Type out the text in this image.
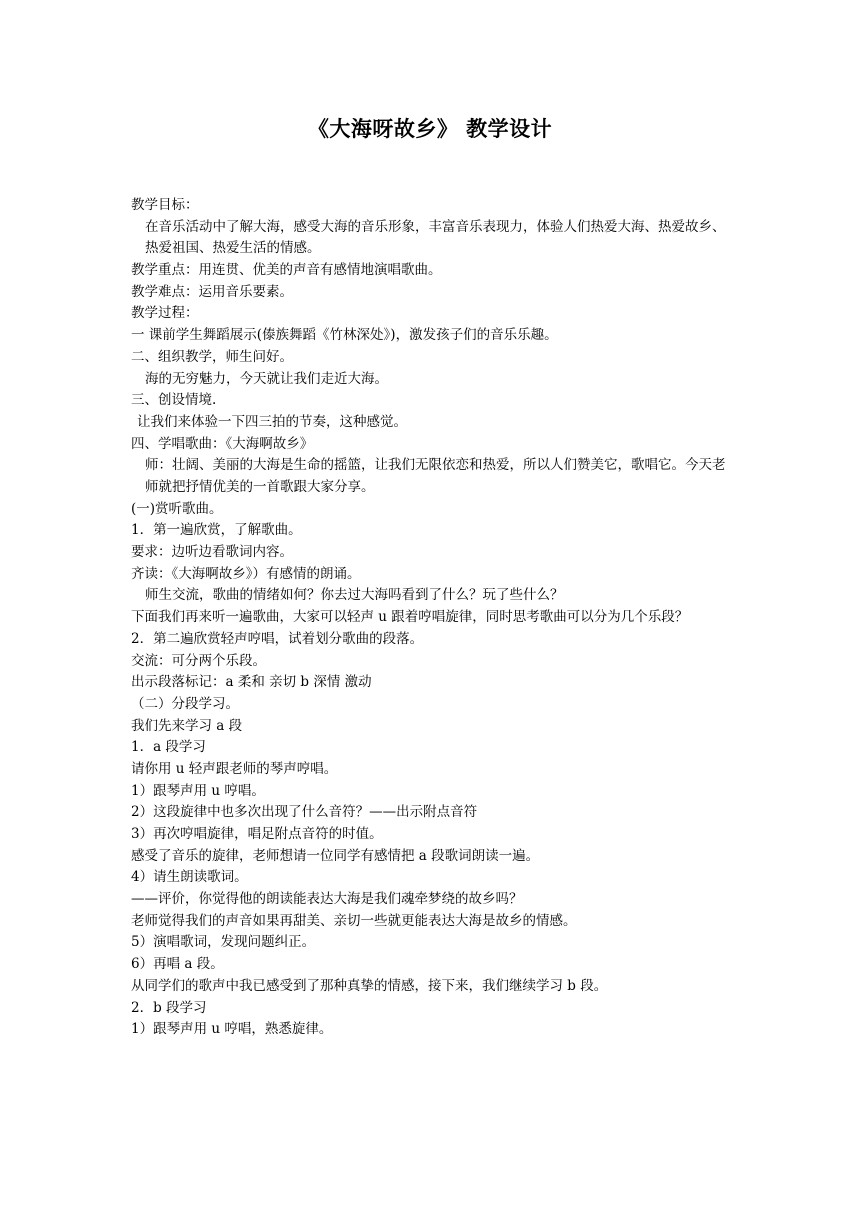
《大海呀故乡》 教学设计
教学目标：
在音乐活动中了解大海，感受大海的音乐形象，丰富音乐表现力，体验人们热爱大海、热爱故乡、热爱祖国、热爱生活的情感。
教学重点：用连贯、优美的声音有感情地演唱歌曲。
教学难点：运用音乐要素。
教学过程：
一 课前学生舞蹈展示(傣族舞蹈《竹林深处》)，激发孩子们的音乐乐趣。
二、组织教学，师生问好。
海的无穷魅力，今天就让我们走近大海。
三、创设情境.
让我们来体验一下四三拍的节奏，这种感觉。
四、学唱歌曲：《大海啊故乡》
师：壮阔、美丽的大海是生命的摇篮，让我们无限依恋和热爱，所以人们赞美它，歌唱它。今天老师就把抒情优美的一首歌跟大家分享。
(一)赏听歌曲。
1．第一遍欣赏，了解歌曲。
要求：边听边看歌词内容。
齐读：《大海啊故乡》）有感情的朗诵。
师生交流，歌曲的情绪如何？你去过大海吗看到了什么？玩了些什么？
下面我们再来听一遍歌曲，大家可以轻声 u 跟着哼唱旋律，同时思考歌曲可以分为几个乐段？
2．第二遍欣赏轻声哼唱，试着划分歌曲的段落。
交流：可分两个乐段。
出示段落标记：a 柔和 亲切 b 深情 激动
（二）分段学习。
我们先来学习 a 段
1．a 段学习
请你用 u 轻声跟老师的琴声哼唱。
1）跟琴声用 u 哼唱。
2）这段旋律中也多次出现了什么音符？——出示附点音符
3）再次哼唱旋律，唱足附点音符的时值。
感受了音乐的旋律，老师想请一位同学有感情把 a 段歌词朗读一遍。
4）请生朗读歌词。
——评价，你觉得他的朗读能表达大海是我们魂牵梦绕的故乡吗？
老师觉得我们的声音如果再甜美、亲切一些就更能表达大海是故乡的情感。
5）演唱歌词，发现问题纠正。
6）再唱 a 段。
从同学们的歌声中我已感受到了那种真挚的情感，接下来，我们继续学习 b 段。
2．b 段学习
1）跟琴声用 u 哼唱，熟悉旋律。
